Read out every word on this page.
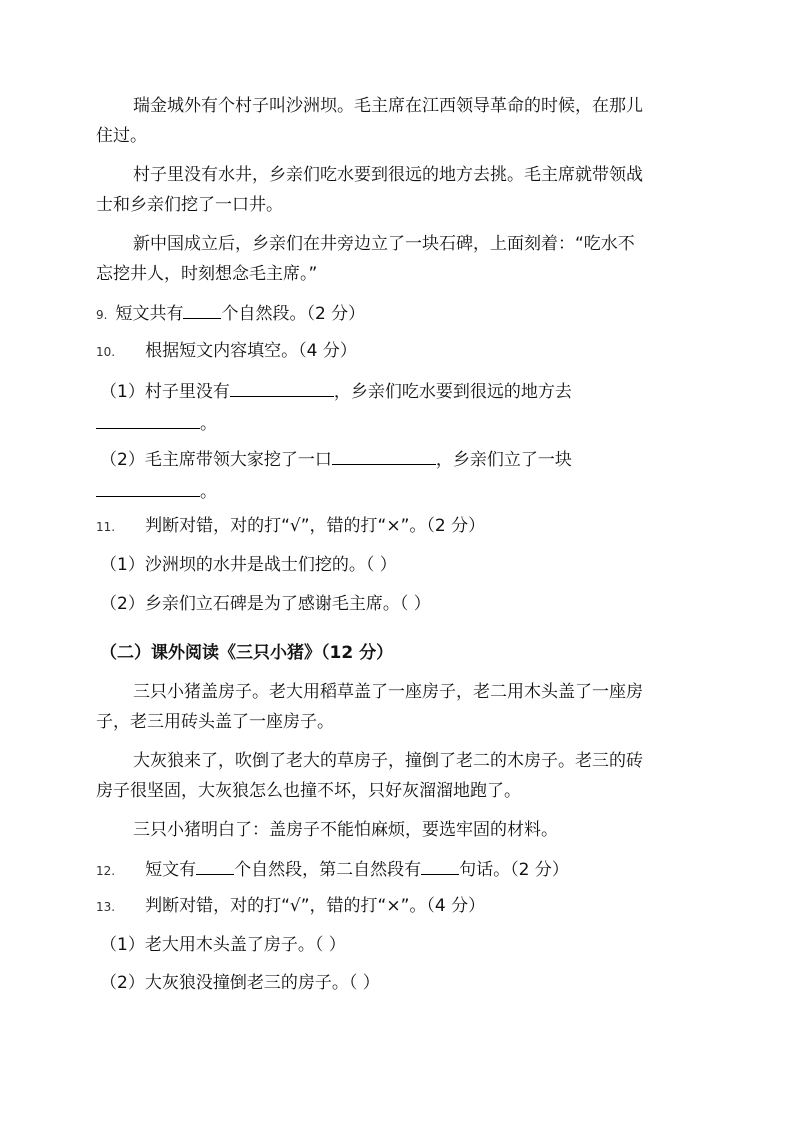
瑞金城外有个村子叫沙洲坝。毛主席在江西领导革命的时候，在那儿
住过。
村子里没有水井，乡亲们吃水要到很远的地方去挑。毛主席就带领战
士和乡亲们挖了一口井。
新中国成立后，乡亲们在井旁边立了一块石碑，上面刻着：“吃水不
忘挖井人，时刻想念毛主席。”
9. 短文共有 个自然段。（2 分）
10. 根据短文内容填空。（4 分）
（1）村子里没有	，乡亲们吃水要到很远的地方去
。
（2）毛主席带领大家挖了一口	，乡亲们立了一块
。
11. 判断对错，对的打“√”，错的打“×”。（2 分）
（1）沙洲坝的水井是战士们挖的。（ ）
（2）乡亲们立石碑是为了感谢毛主席。（ ）
（二）课外阅读《三只小猪》（12 分）
三只小猪盖房子。老大用稻草盖了一座房子，老二用木头盖了一座房
子，老三用砖头盖了一座房子。
大灰狼来了，吹倒了老大的草房子，撞倒了老二的木房子。老三的砖
房子很坚固，大灰狼怎么也撞不坏，只好灰溜溜地跑了。
三只小猪明白了：盖房子不能怕麻烦，要选牢固的材料。
12. 短文有 个自然段，第二自然段有 句话。（2 分）
13. 判断对错，对的打“√”，错的打“×”。（4 分）
（1）老大用木头盖了房子。（ ）
（2）大灰狼没撞倒老三的房子。（ ）
